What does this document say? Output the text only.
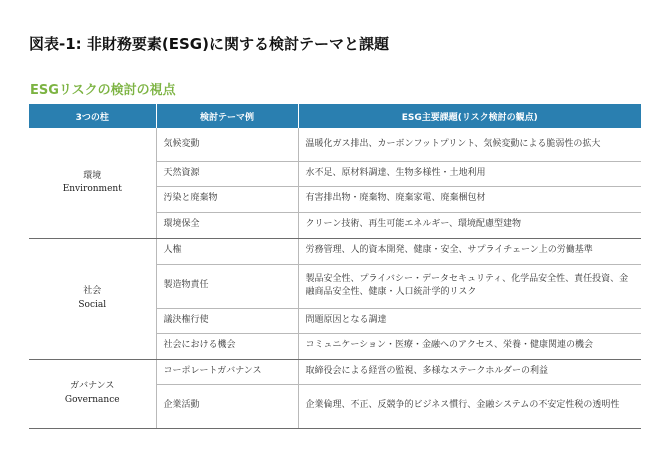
図表-1: 非財務要素(ESG)に関する検討テーマと課題
ESGリスクの検討の視点
3つの柱	検討テーマ例	ESG主要課題(リスク検討の観点)

環境
Environment	気候変動	温暖化ガス排出、カーボンフットプリント、気候変動による脆弱性の拡大
	天然資源	水不足、原材料調達、生物多様性・土地利用
	汚染と廃棄物	有害排出物・廃棄物、廃棄家電、廃棄梱包材
	環境保全	クリーン技術、再生可能エネルギー、環境配慮型建物

社会
Social	人権	労務管理、人的資本開発、健康・安全、サプライチェーン上の労働基準
	製造物責任	製品安全性、プライバシー・データセキュリティ、化学品安全性、責任投資、金融商品安全性、健康・人口統計学的リスク
	議決権行使	問題原因となる調達
	社会における機会	コミュニケーション・医療・金融へのアクセス、栄養・健康関連の機会

ガバナンス
Governance	コーポレートガバナンス	取締役会による経営の監視、多様なステークホルダーの利益
	企業活動	企業倫理、不正、反競争的ビジネス慣行、金融システムの不安定性税の透明性
